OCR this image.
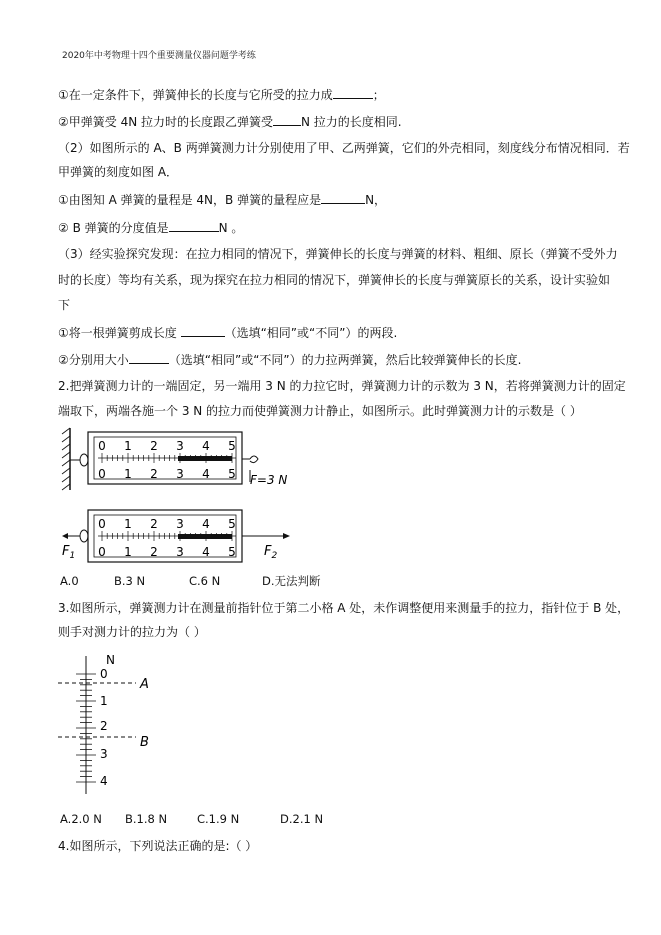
2020年中考物理十四个重要测量仪器问题学考练
①在一定条件下，弹簧伸长的长度与它所受的拉力成	；
②甲弹簧受 4N 拉力时的长度跟乙弹簧受 N 拉力的长度相同.
（2）如图所示的 A、B 两弹簧测力计分别使用了甲、乙两弹簧，它们的外壳相同，刻度线分布情况相同．若
甲弹簧的刻度如图 A．
①由图知 A 弹簧的量程是 4N，B 弹簧的量程应是	N，
② B 弹簧的分度值是	N 。
（3）经实验探究发现：在拉力相同的情况下，弹簧伸长的长度与弹簧的材料、粗细、原长（弹簧不受外力
时的长度）等均有关系，现为探究在拉力相同的情况下，弹簧伸长的长度与弹簧原长的关系，设计实验如
下
①将一根弹簧剪成长度	（选填“相同”或“不同”）的两段.
②分别用大小	（选填“相同”或“不同”）的力拉两弹簧，然后比较弹簧伸长的长度.
2.把弹簧测力计的一端固定，另一端用 3 N 的力拉它时，弹簧测力计的示数为 3 N，若将弹簧测力计的固定
端取下，两端各施一个 3 N 的拉力而使弹簧测力计静止，如图所示。此时弹簧测力计的示数是（ ）
0 1 2 3 4 5
0 1 2 3 4 5 F=3 N
0 1 2 3 4 5
0 1 2 3 4 5
$F_1$	$F_2$
A.0	B.3 N	C.6 N	D.无法判断
3.如图所示，弹簧测力计在测量前指针位于第二小格 A 处，未作调整便用来测量手的拉力，指针位于 B 处，
则手对测力计的拉力为（ ）
N
0
1
2
3
4
A
B
A.2.0 N B.1.8 N	C.1.9 N	D.2.1 N
4.如图所示，下列说法正确的是:（ ）
